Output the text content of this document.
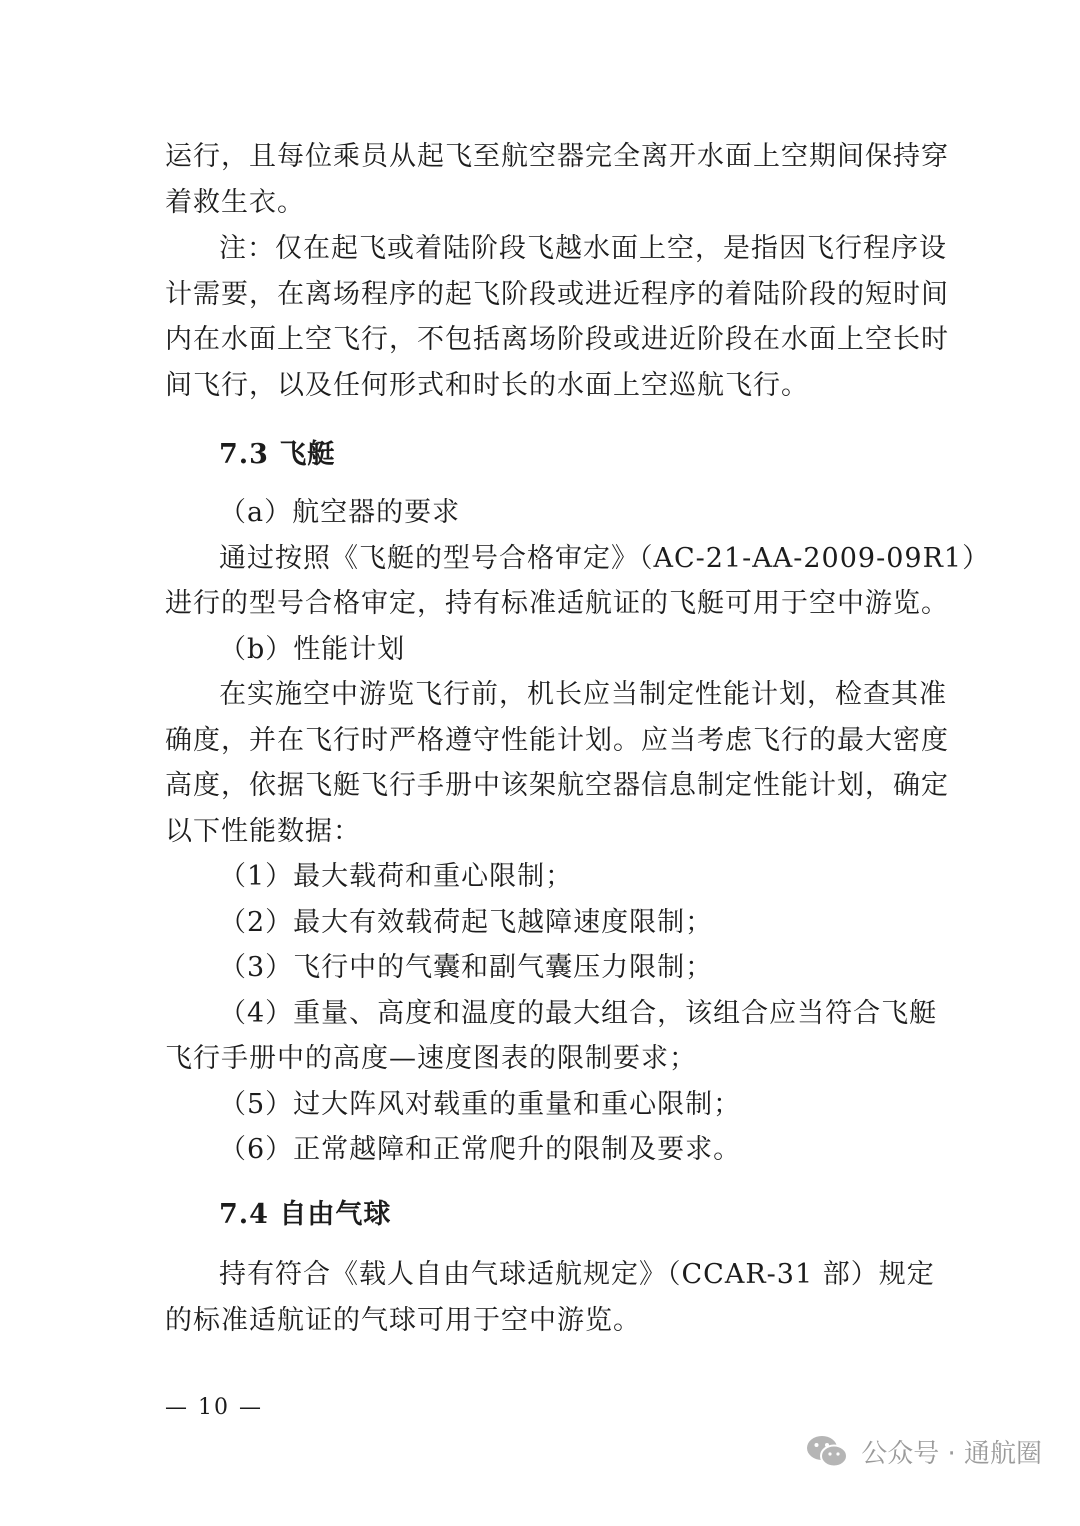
运行，且每位乘员从起飞至航空器完全离开水面上空期间保持穿
着救生衣。
注：仅在起飞或着陆阶段飞越水面上空，是指因飞行程序设
计需要，在离场程序的起飞阶段或进近程序的着陆阶段的短时间
内在水面上空飞行，不包括离场阶段或进近阶段在水面上空长时
间飞行，以及任何形式和时长的水面上空巡航飞行。
7.3 飞艇
（a）航空器的要求
通过按照《飞艇的型号合格审定》（AC-21-AA-2009-09R1）
进行的型号合格审定，持有标准适航证的飞艇可用于空中游览。
（b）性能计划
在实施空中游览飞行前，机长应当制定性能计划，检查其准
确度，并在飞行时严格遵守性能计划。应当考虑飞行的最大密度
高度，依据飞艇飞行手册中该架航空器信息制定性能计划，确定
以下性能数据：
（1）最大载荷和重心限制；
（2）最大有效载荷起飞越障速度限制；
（3）飞行中的气囊和副气囊压力限制；
（4）重量、高度和温度的最大组合，该组合应当符合飞艇
飞行手册中的高度—速度图表的限制要求；
（5）过大阵风对载重的重量和重心限制；
（6）正常越障和正常爬升的限制及要求。
7.4 自由气球
持有符合《载人自由气球适航规定》（CCAR-31 部）规定
的标准适航证的气球可用于空中游览。
— 10 —
公众号 · 通航圈
